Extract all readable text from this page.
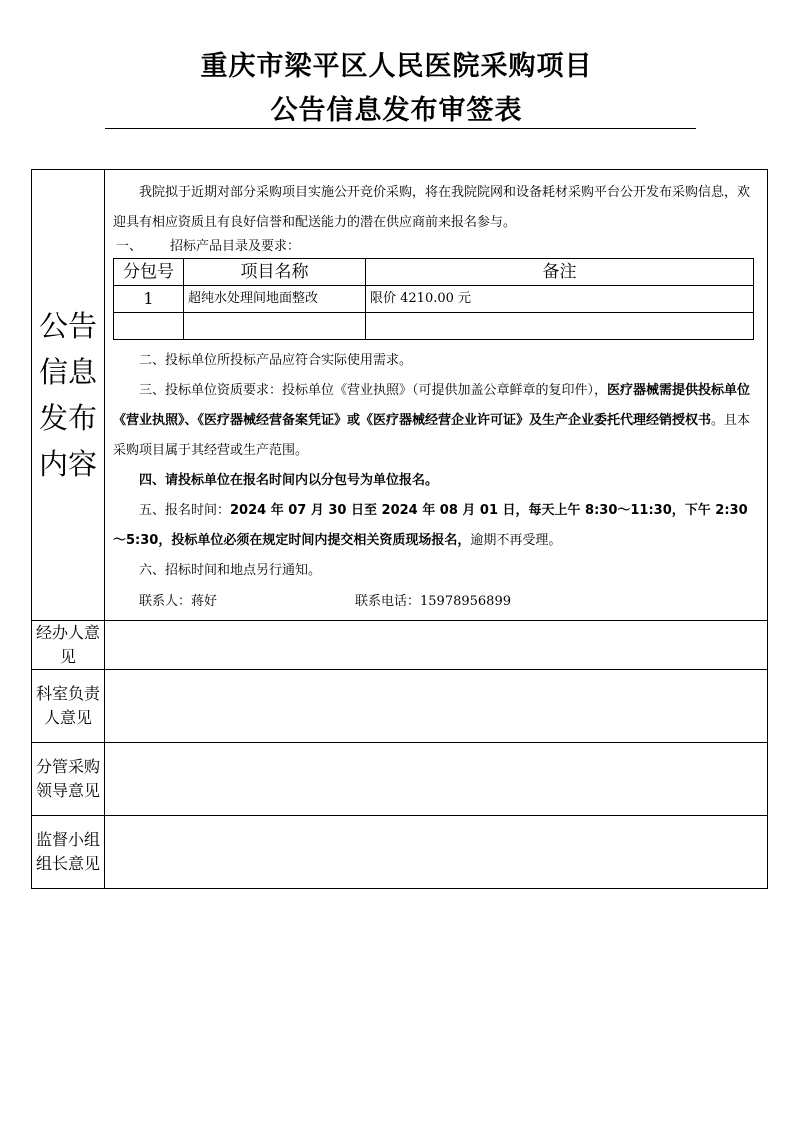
重庆市梁平区人民医院采购项目
公告信息发布审签表
公告信息发布内容

我院拟于近期对部分采购项目实施公开竞价采购，将在我院院网和设备耗材采购平台公开发布采购信息，欢迎具有相应资质且有良好信誉和配送能力的潜在供应商前来报名参与。

一、 招标产品目录及要求：

分包号	项目名称	备注
1	超纯水处理间地面整改	限价 4210.00 元

二、投标单位所投标产品应符合实际使用需求。

三、投标单位资质要求：投标单位《营业执照》（可提供加盖公章鲜章的复印件），医疗器械需提供投标单位《营业执照》、《医疗器械经营备案凭证》或《医疗器械经营企业许可证》及生产企业委托代理经销授权书。且本采购项目属于其经营或生产范围。

四、请投标单位在报名时间内以分包号为单位报名。

五、报名时间：2024 年 07 月 30 日至 2024 年 08 月 01 日，每天上午 8:30～11:30，下午 2:30～5:30，投标单位必须在规定时间内提交相关资质现场报名，逾期不再受理。

六、招标时间和地点另行通知。

联系人：蒋好	联系电话：15978956899

经办人意见	
科室负责人意见	
分管采购领导意见	
监督小组组长意见	
